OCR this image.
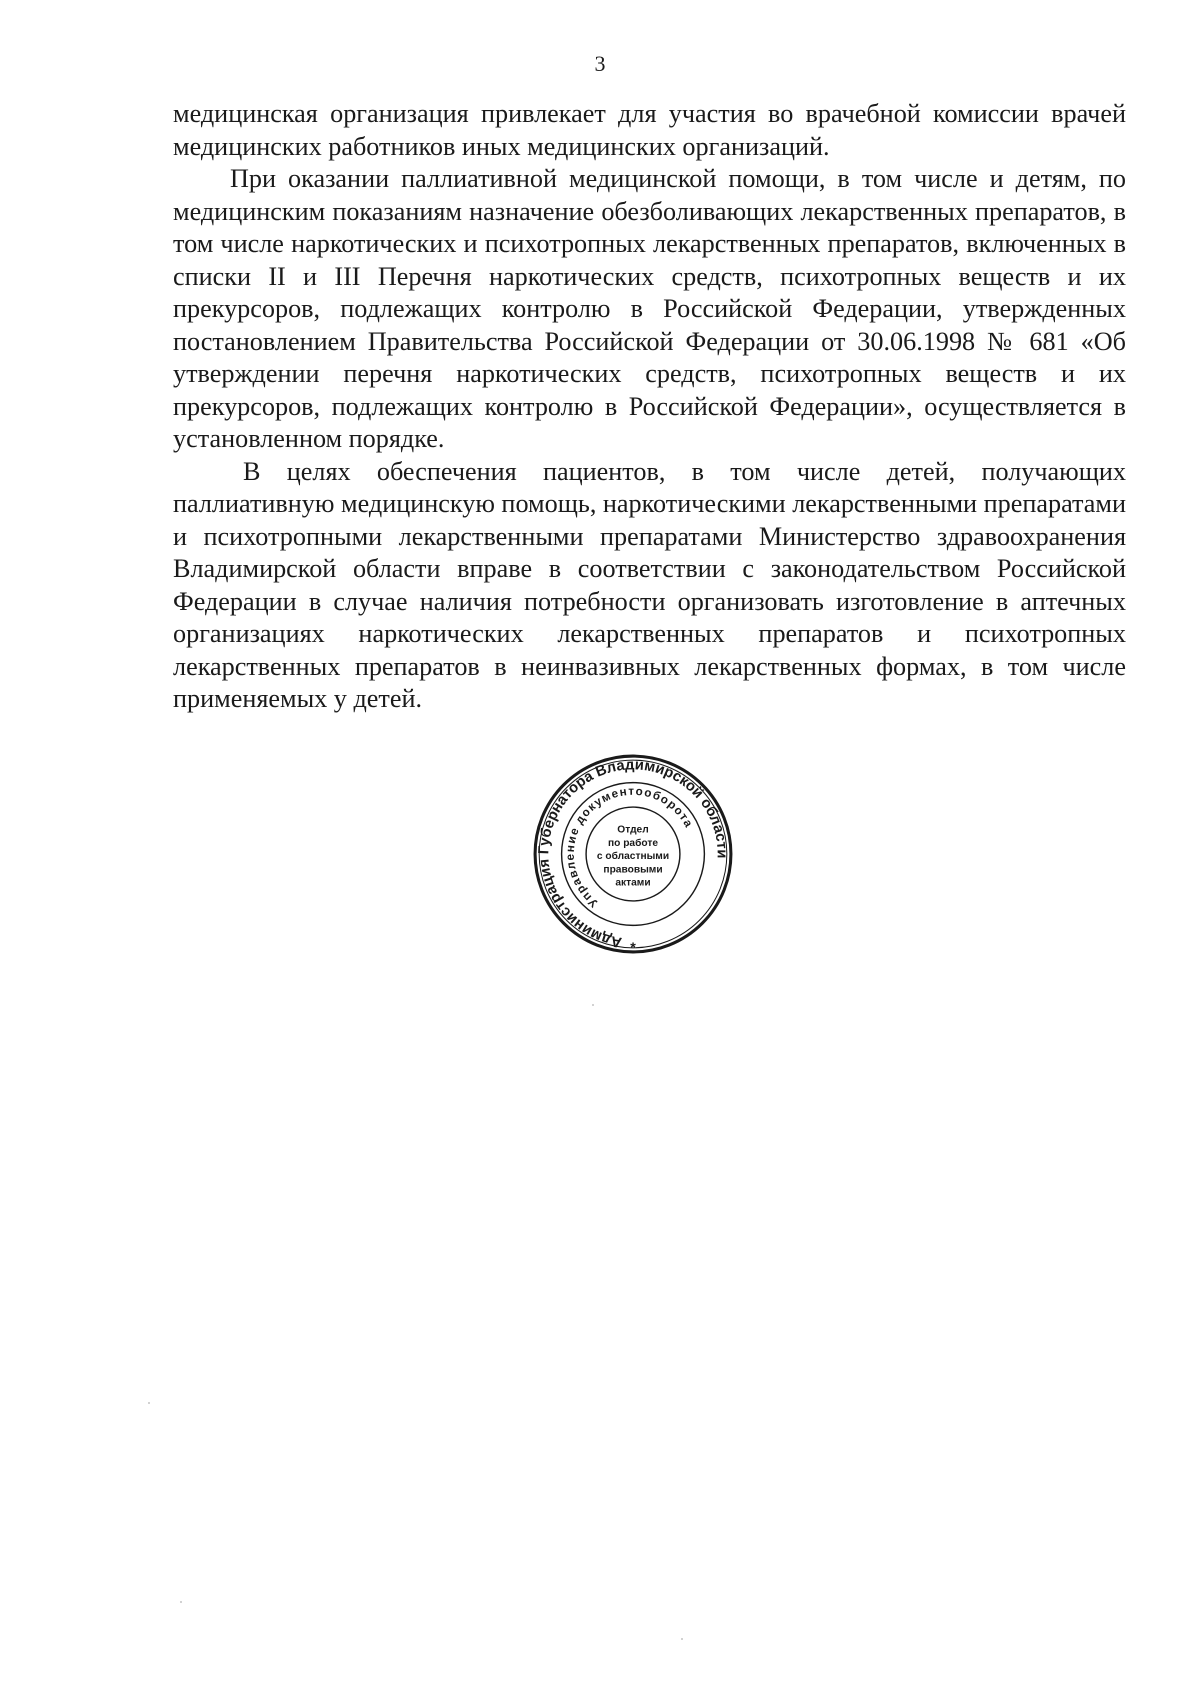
3

медицинская организация привлекает для участия во врачебной комиссии врачей медицинских работников иных медицинских организаций.

При оказании паллиативной медицинской помощи, в том числе и детям, по медицинским показаниям назначение обезболивающих лекарственных препаратов, в том числе наркотических и психотропных лекарственных препаратов, включенных в списки II и III Перечня наркотических средств, психотропных веществ и их прекурсоров, подлежащих контролю в Российской Федерации, утвержденных постановлением Правительства Российской Федерации от 30.06.1998 № 681 «Об утверждении перечня наркотических средств, психотропных веществ и их прекурсоров, подлежащих контролю в Российской Федерации», осуществляется в установленном порядке.

В целях обеспечения пациентов, в том числе детей, получающих паллиативную медицинскую помощь, наркотическими лекарственными препаратами и психотропными лекарственными препаратами Министерство здравоохранения Владимирской области вправе в соответствии с законодательством Российской Федерации в случае наличия потребности организовать изготовление в аптечных организациях наркотических лекарственных препаратов и психотропных лекарственных препаратов в неинвазивных лекарственных формах, в том числе применяемых у детей.

Администрация Губернатора Владимирской области
Управление документооборота
Отдел
по работе
с областными
правовыми
актами
*
